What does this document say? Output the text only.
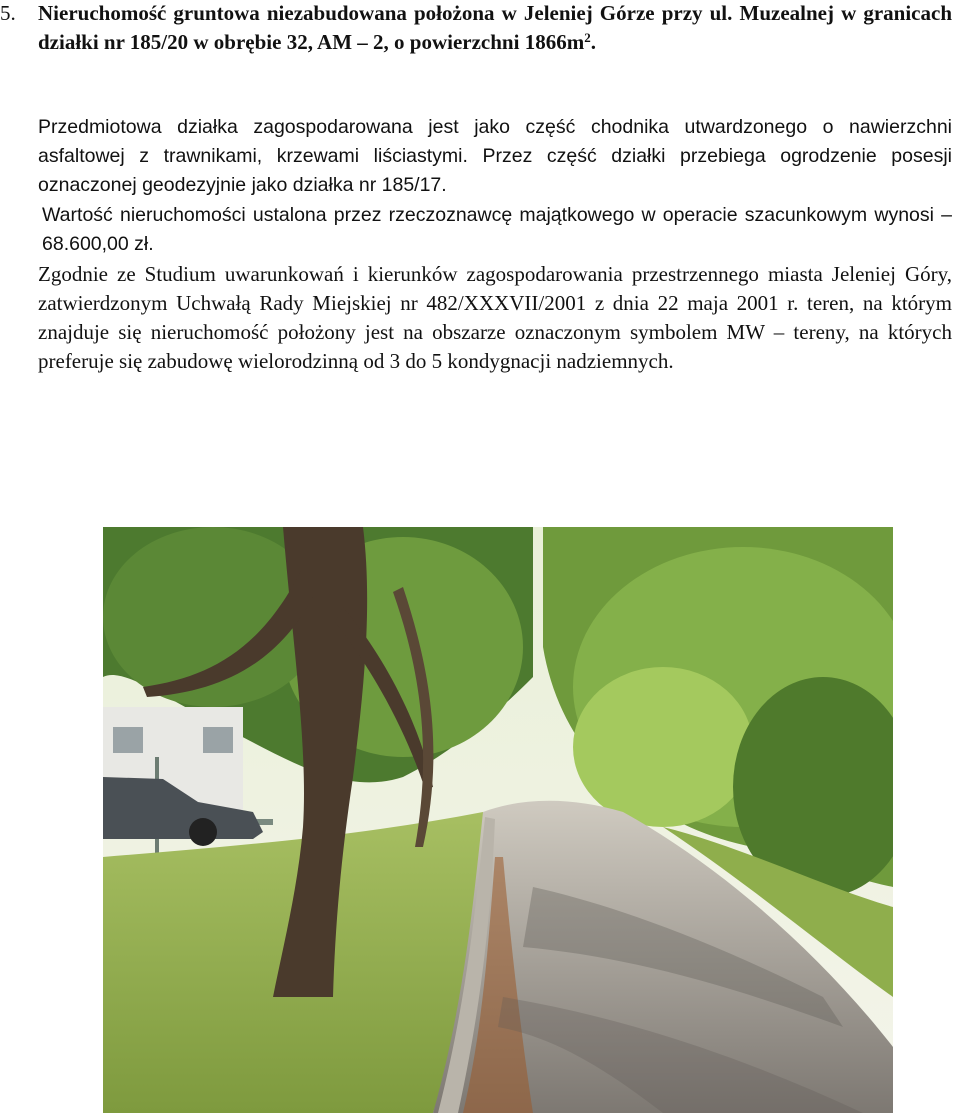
5. Nieruchomość gruntowa niezabudowana położona w Jeleniej Górze przy ul. Muzealnej w granicach działki nr 185/20 w obrębie 32, AM – 2, o powierzchni $1866m^2$.

Przedmiotowa działka zagospodarowana jest jako część chodnika utwardzonego o nawierzchni asfaltowej z trawnikami, krzewami liściastymi. Przez część działki przebiega ogrodzenie posesji oznaczonej geodezyjnie jako działka nr 185/17.

Wartość nieruchomości ustalona przez rzeczoznawcę majątkowego w operacie szacunkowym wynosi – 68.600,00 zł.

Zgodnie ze Studium uwarunkowań i kierunków zagospodarowania przestrzennego miasta Jeleniej Góry, zatwierdzonym Uchwałą Rady Miejskiej nr 482/XXXVII/2001 z dnia 22 maja 2001 r. teren, na którym znajduje się nieruchomość położony jest na obszarze oznaczonym symbolem MW – tereny, na których preferuje się zabudowę wielorodzinną od 3 do 5 kondygnacji nadziemnych.
